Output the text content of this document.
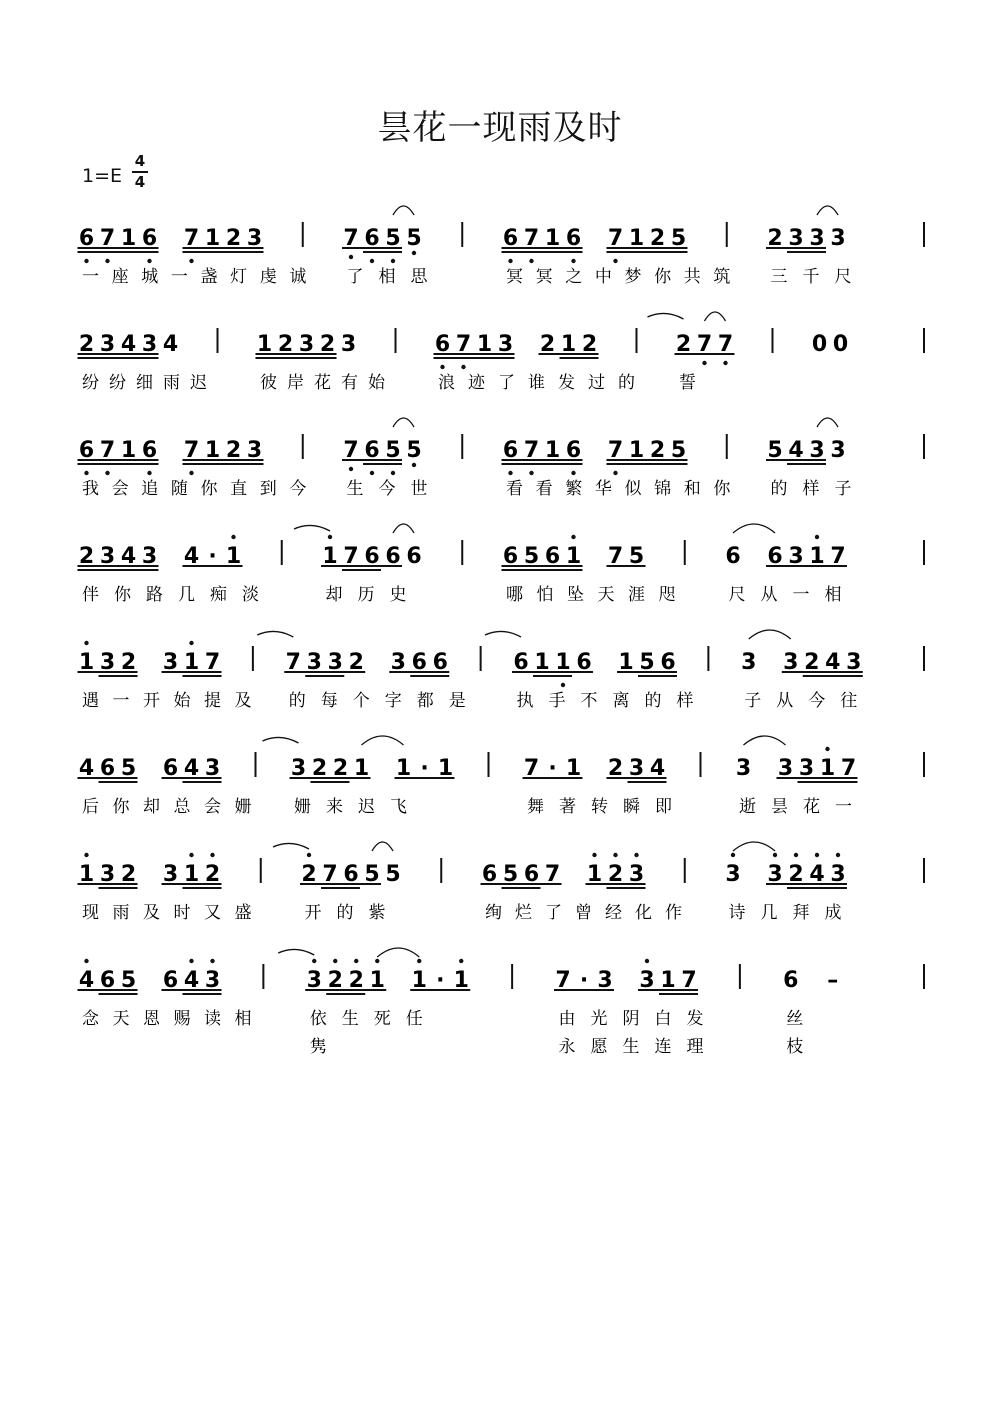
昙花一现雨及时
1=E
4
4
6 7 1 6 7 1 2 3
一 座 城 一 盏 灯 虔 诚
7 6 5 5
了 相 思
6 7 1 6 7 1 2 5
冥 冥 之 中 梦 你 共 筑
2 3 3 3
三 千 尺
2 3 4 3 4
纷 纷 细 雨 迟
1 2 3 2 3
彼 岸 花 有 始
6 7 1 3 2 1 2
浪 迹 了 谁 发 过 的
2 7 7
誓
0 0
6 7 1 6 7 1 2 3
我 会 追 随 你 直 到 今
7 6 5 5
生 今 世
6 7 1 6 7 1 2 5
看 看 繁 华 似 锦 和 你
5 4 3 3
的 样 子
2 3 4 3 4 · 1
伴 你 路 几 痴 淡
1 7 6 6 6
却 历 史
6 5 6 1 7 5
哪 怕 坠 天 涯 咫
6 6 3 1 7
尺 从 一 相
1 3 2 3 1 7
遇 一 开 始 提 及
7 3 3 2 3 6 6
的 每 个 字 都 是
6 1 1 6 1 5 6
执 手 不 离 的 样
3 3 2 4 3
子 从 今 往
4 6 5 6 4 3
后 你 却 总 会 姗
3 2 2 1 1 · 1
姗 来 迟 飞
7 · 1 2 3 4
舞 著 转 瞬 即
3 3 3 1 7
逝 昙 花 一
1 3 2 3 1 2
现 雨 及 时 又 盛
2 7 6 5 5
开 的 紫
6 5 6 7 1 2 3
绚 烂 了 曾 经 化 作
3 3 2 4 3
诗 几 拜 成
4 6 5 6 4 3
念 天 恩 赐 读 相
3 2 2 1 1 · 1
依 生 死 任
隽
7 · 3 3 1 7
由 光 阴 白 发
永 愿 生 连 理
6 –
丝
枝
